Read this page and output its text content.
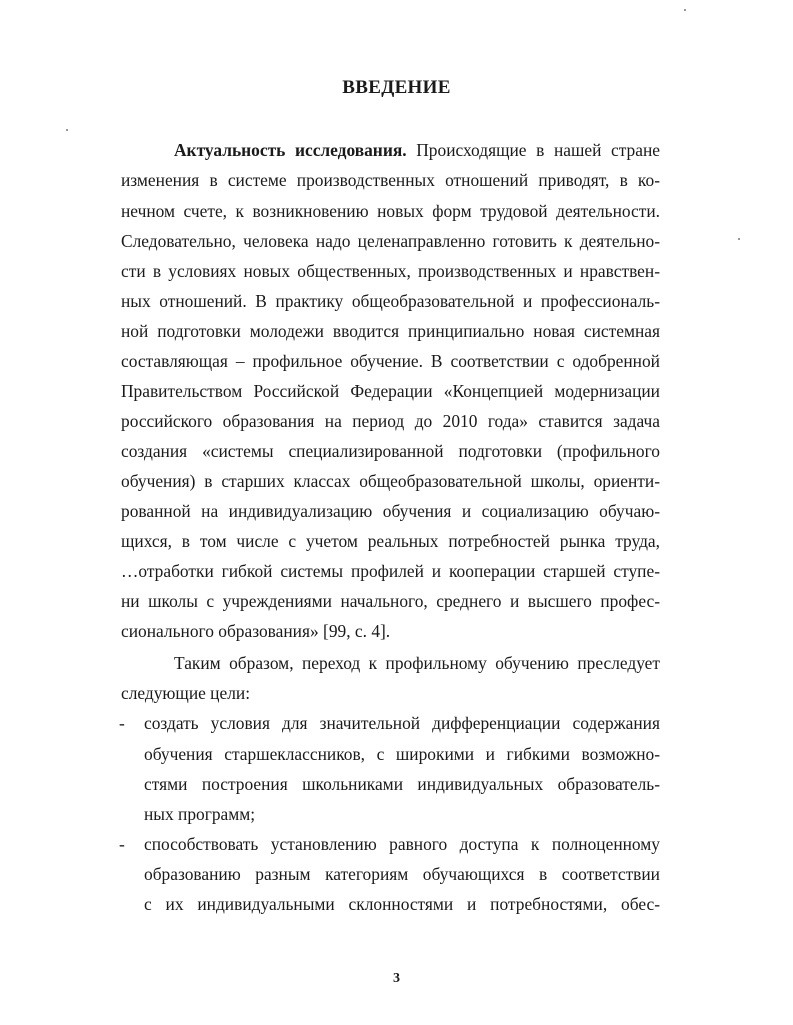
ВВЕДЕНИЕ
Актуальность исследования. Происходящие в нашей стране
изменения в системе производственных отношений приводят, в ко-
нечном счете, к возникновению новых форм трудовой деятельности.
Следовательно, человека надо целенаправленно готовить к деятельно-
сти в условиях новых общественных, производственных и нравствен-
ных отношений. В практику общеобразовательной и профессиональ-
ной подготовки молодежи вводится принципиально новая системная
составляющая – профильное обучение. В соответствии с одобренной
Правительством Российской Федерации «Концепцией модернизации
российского образования на период до 2010 года» ставится задача
создания «системы специализированной подготовки (профильного
обучения) в старших классах общеобразовательной школы, ориенти-
рованной на индивидуализацию обучения и социализацию обучаю-
щихся, в том числе с учетом реальных потребностей рынка труда,
…отработки гибкой системы профилей и кооперации старшей ступе-
ни школы с учреждениями начального, среднего и высшего профес-
сионального образования» [99, с. 4].
Таким образом, переход к профильному обучению преследует
следующие цели:
- создать условия для значительной дифференциации содержания
обучения старшеклассников, с широкими и гибкими возможно-
стями построения школьниками индивидуальных образователь-
ных программ;
- способствовать установлению равного доступа к полноценному
образованию разным категориям обучающихся в соответствии
с их индивидуальными склонностями и потребностями, обес-
3
